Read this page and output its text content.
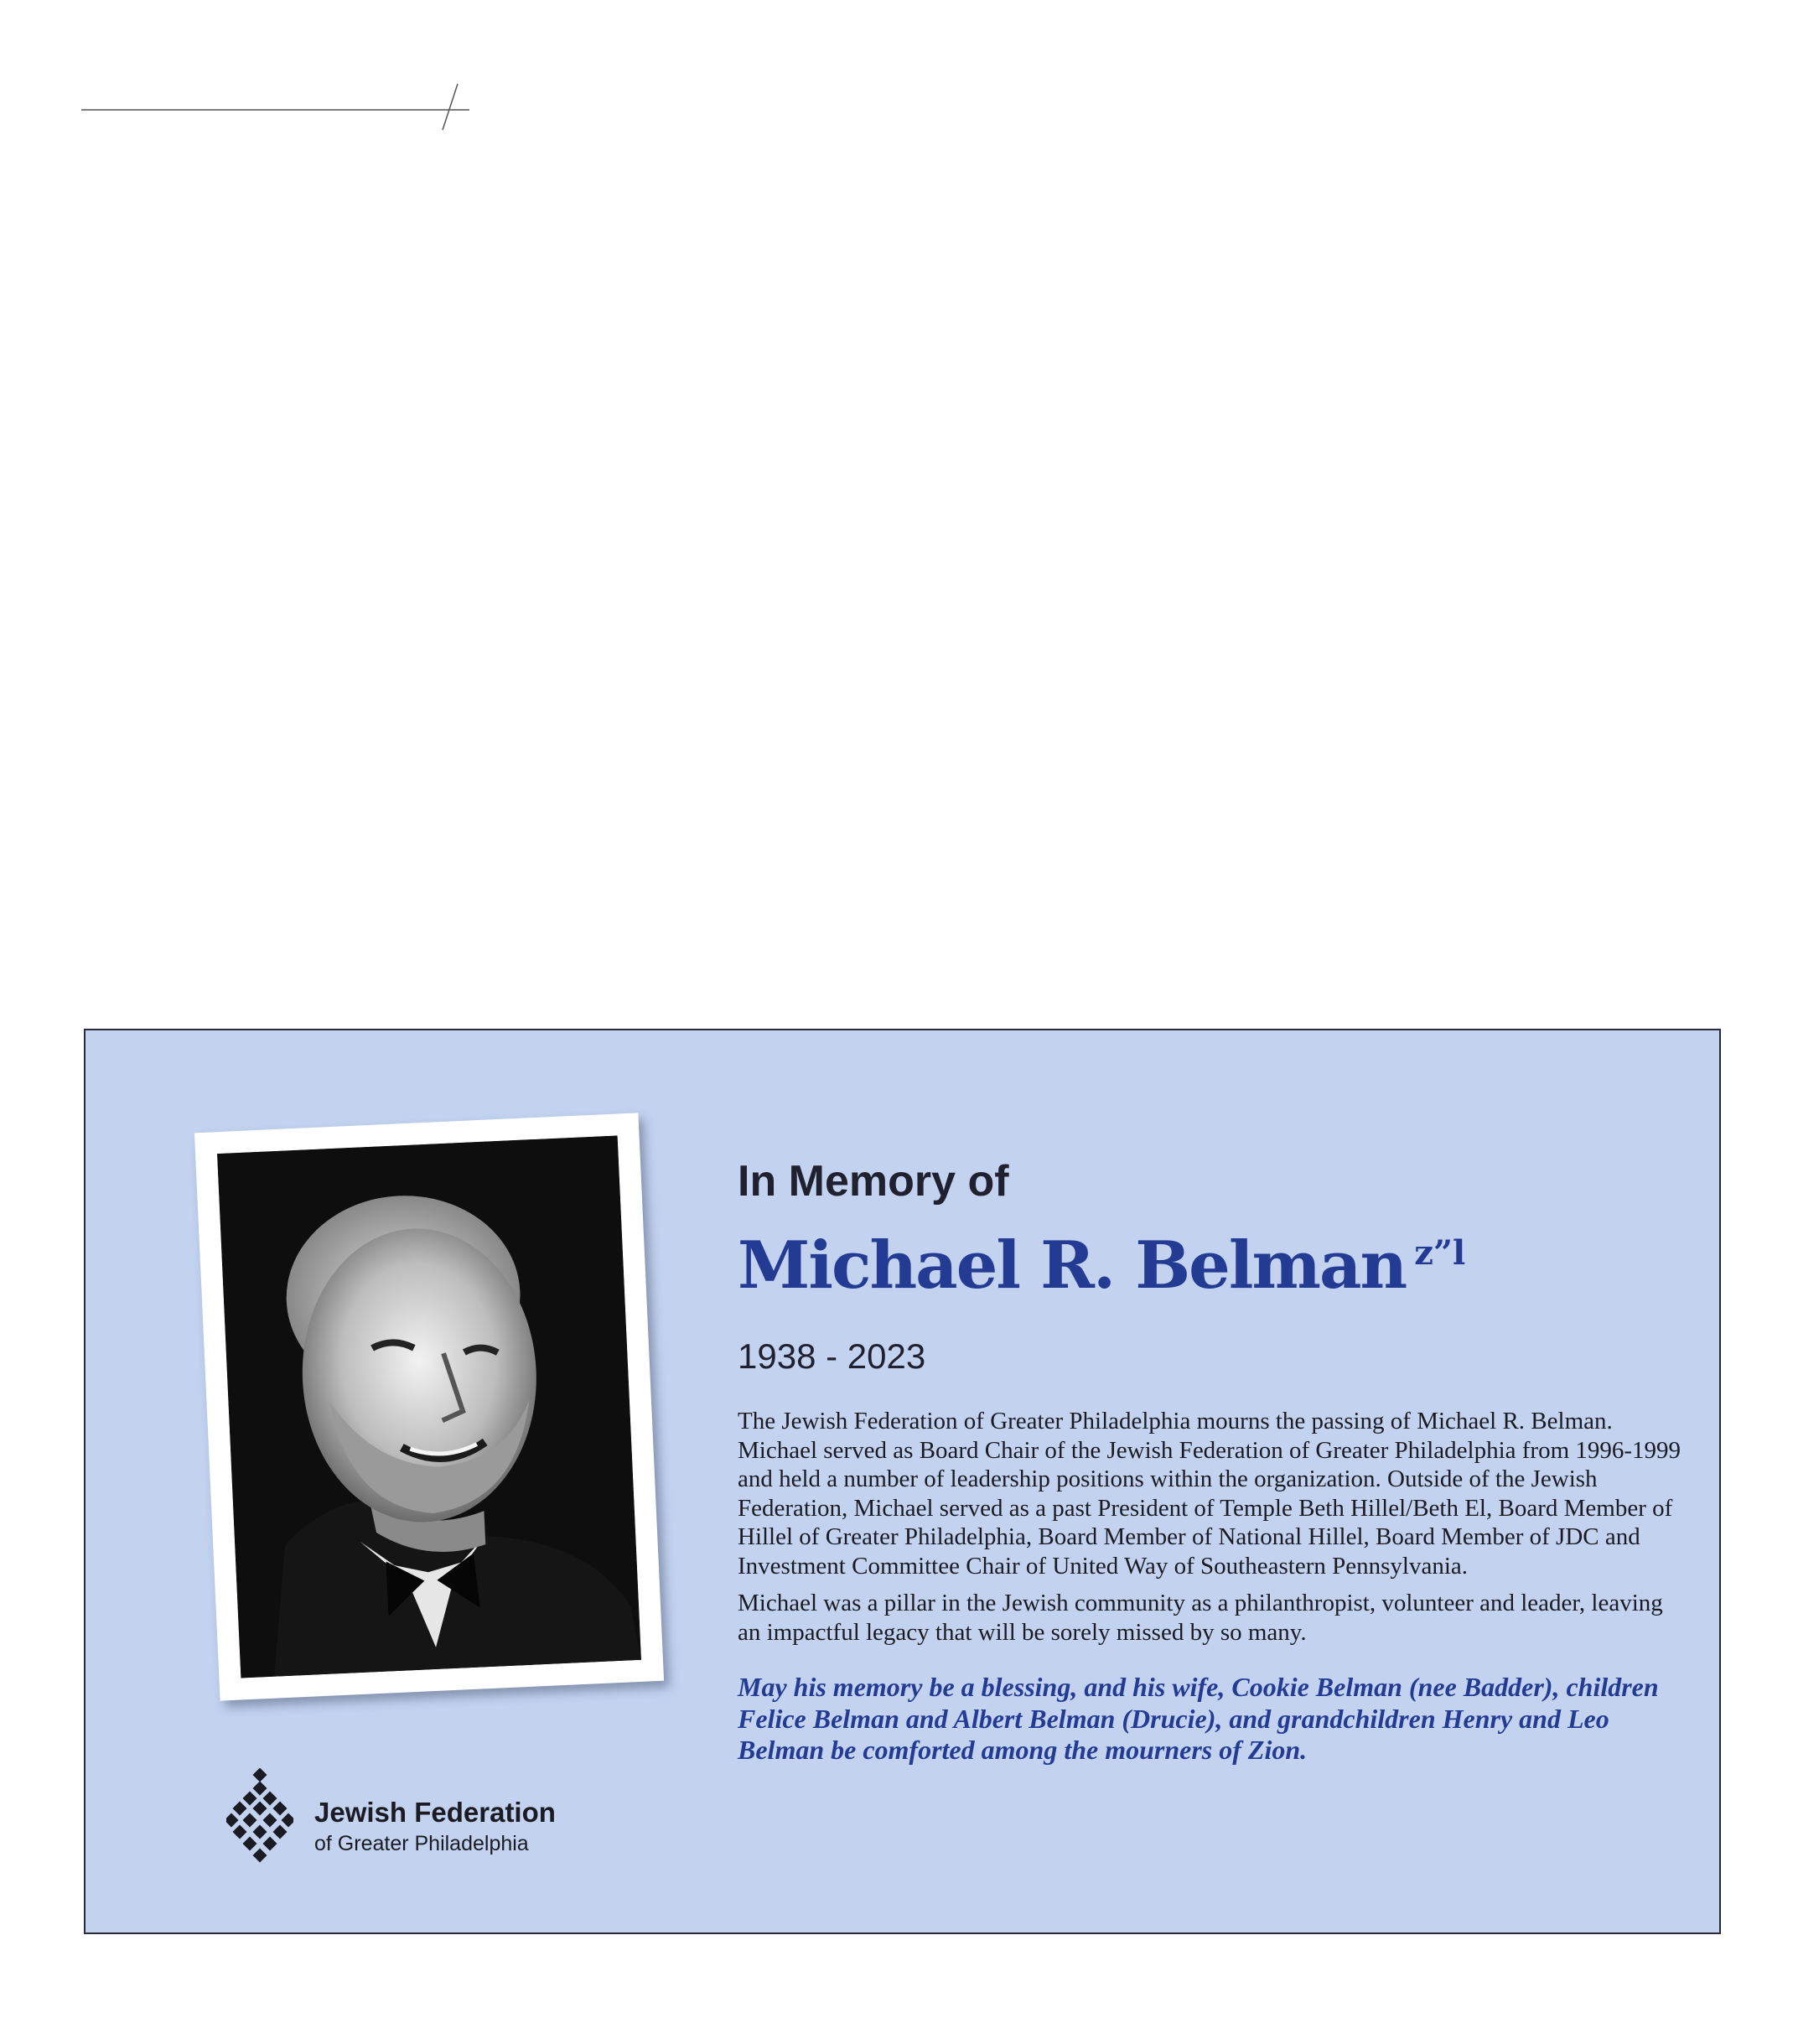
Jewish Federation
of Greater Philadelphia
In Memory of
Michael R. Belman z”l
1938 - 2023

The Jewish Federation of Greater Philadelphia mourns the passing of Michael R. Belman. Michael served as Board Chair of the Jewish Federation of Greater Philadelphia from 1996-1999 and held a number of leadership positions within the organization. Outside of the Jewish Federation, Michael served as a past President of Temple Beth Hillel/Beth El, Board Member of Hillel of Greater Philadelphia, Board Member of National Hillel, Board Member of JDC and Investment Committee Chair of United Way of Southeastern Pennsylvania.

Michael was a pillar in the Jewish community as a philanthropist, volunteer and leader, leaving an impactful legacy that will be sorely missed by so many.

May his memory be a blessing, and his wife, Cookie Belman (nee Badder), children Felice Belman and Albert Belman (Drucie), and grandchildren Henry and Leo Belman be comforted among the mourners of Zion.
